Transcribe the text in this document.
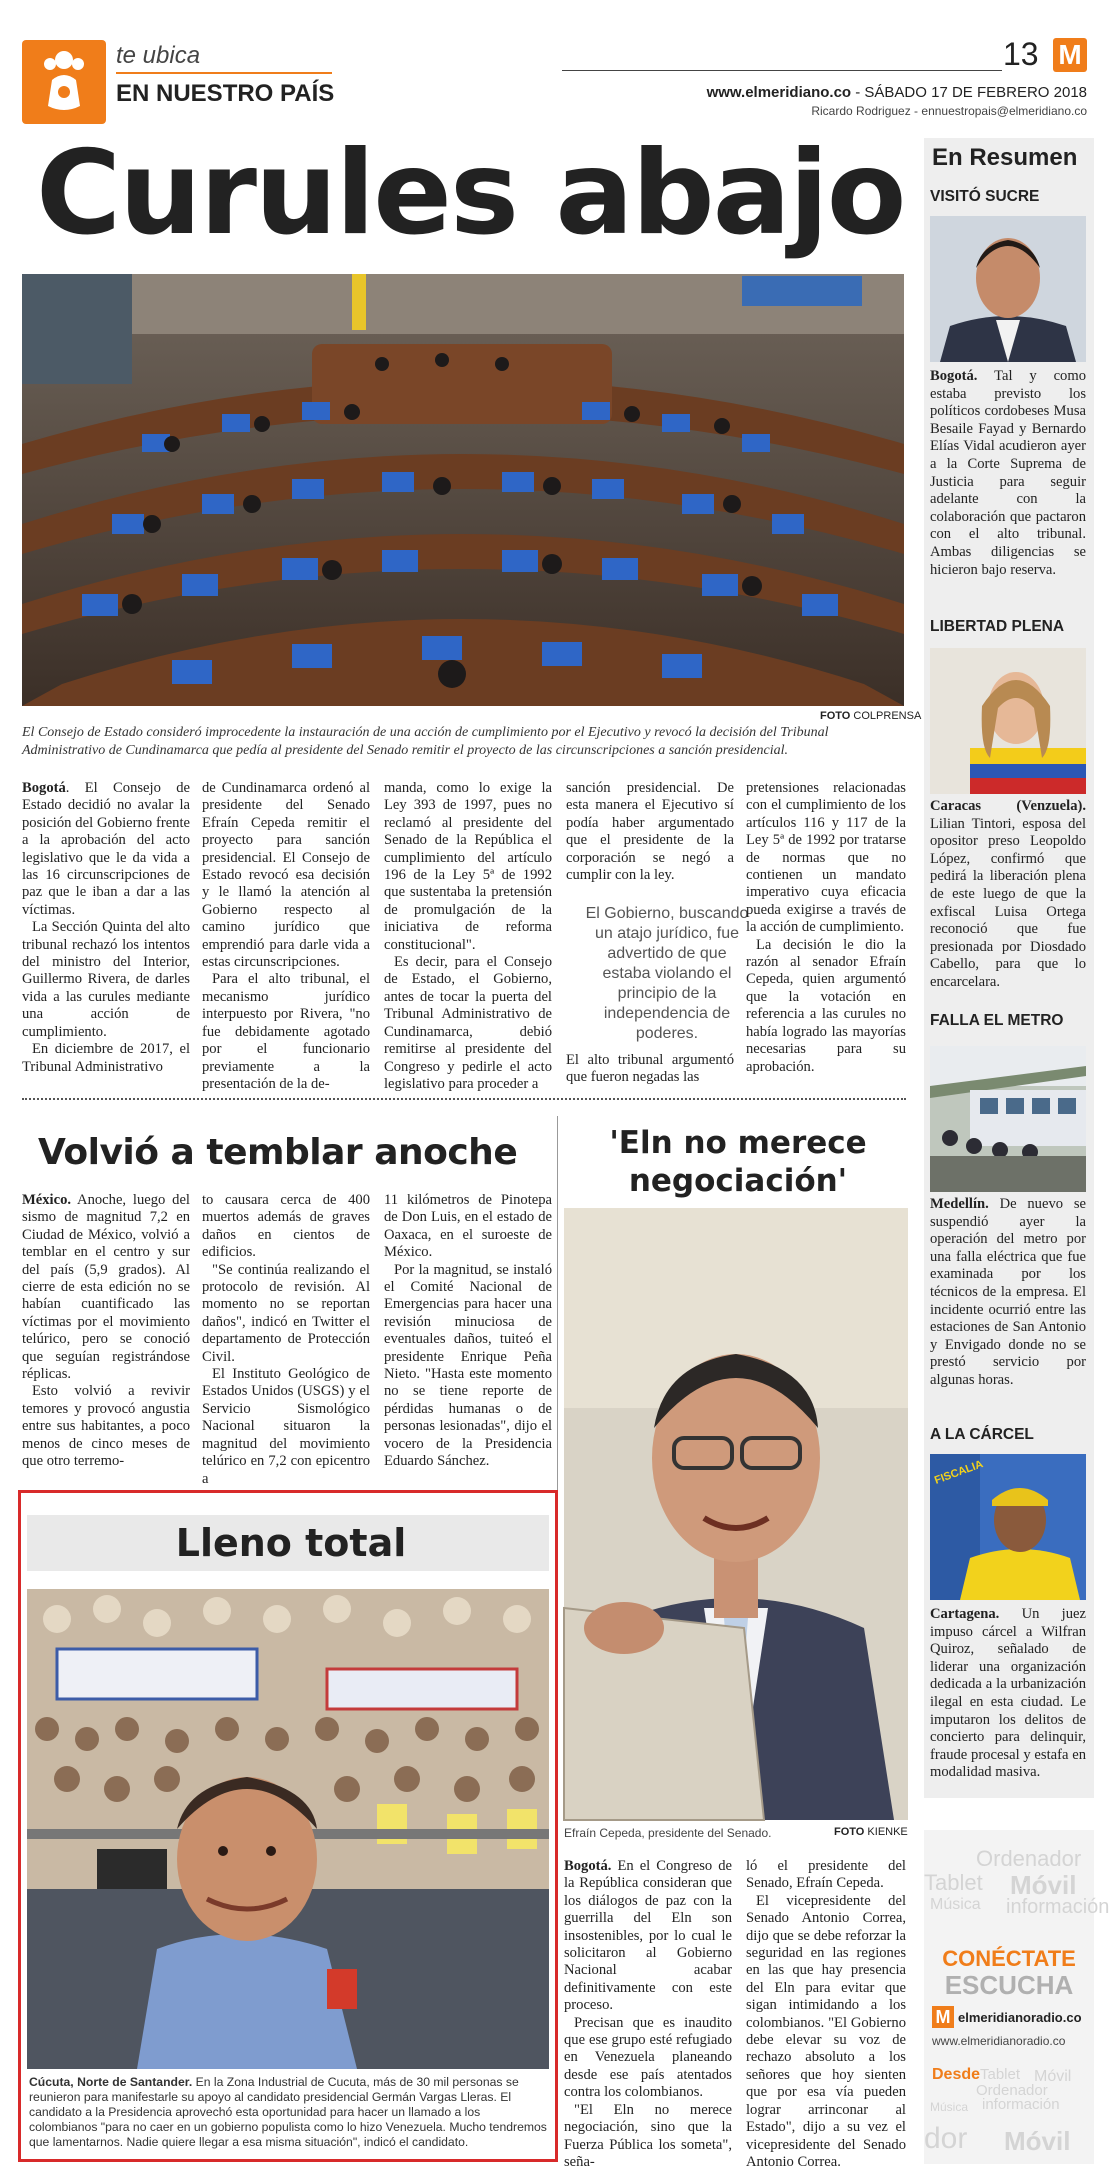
te ubica
EN NUESTRO PAÍS
13 M
www.elmeridiano.co - SÁBADO 17 DE FEBRERO 2018
Ricardo Rodriguez - ennuestropais@elmeridiano.co
Curules abajo
FOTO COLPRENSA

El Consejo de Estado consideró improcedente la instauración de una acción de cumplimiento por el Ejecutivo y revocó la decisión del Tribunal Administrativo de Cundinamarca que pedía al presidente del Senado remitir el proyecto de las circunscripciones a sanción presidencial.

Bogotá. El Consejo de Estado decidió no avalar la posición del Gobierno frente a la aprobación del acto legislativo que le da vida a las 16 circunscripciones de paz que le iban a dar a las víctimas.

La Sección Quinta del alto tribunal rechazó los intentos del ministro del Interior, Guillermo Rivera, de darles vida a las curules mediante una acción de cumplimiento.

En diciembre de 2017, el Tribunal Administrativo

de Cundinamarca ordenó al presidente del Senado Efraín Cepeda remitir el proyecto para sanción presidencial. El Consejo de Estado revocó esa decisión y le llamó la atención al Gobierno respecto al camino jurídico que emprendió para darle vida a estas circunscripciones.

Para el alto tribunal, el mecanismo jurídico interpuesto por Rivera, "no fue debidamente agotado por el funcionario previamente a la presentación de la de-

manda, como lo exige la Ley 393 de 1997, pues no reclamó al presidente del Senado de la República el cumplimiento del artículo 196 de la Ley 5ª de 1992 que sustentaba la pretensión de promulgación de la iniciativa de reforma constitucional".

Es decir, para el Consejo de Estado, el Gobierno, antes de tocar la puerta del Tribunal Administrativo de Cundinamarca, debió remitirse al presidente del Congreso y pedirle el acto legislativo para proceder a

sanción presidencial. De esta manera el Ejecutivo sí podía haber argumentado que el presidente de la corporación se negó a cumplir con la ley.

El Gobierno, buscando un atajo jurídico, fue advertido de que estaba violando el principio de la independencia de poderes.

El alto tribunal argumentó que fueron negadas las

pretensiones relacionadas con el cumplimiento de los artículos 116 y 117 de la Ley 5ª de 1992 por tratarse de normas que no contienen un mandato imperativo cuya eficacia pueda exigirse a través de la acción de cumplimiento.

La decisión le dio la razón al senador Efraín Cepeda, quien argumentó que la votación en referencia a las curules no había logrado las mayorías necesarias para su aprobación.

Volvió a temblar anoche

México. Anoche, luego del sismo de magnitud 7,2 en Ciudad de México, volvió a temblar en el centro y sur del país (5,9 grados). Al cierre de esta edición no se habían cuantificado las víctimas por el movimiento telúrico, pero se conoció que seguían registrándose réplicas.

Esto volvió a revivir temores y provocó angustia entre sus habitantes, a poco menos de cinco meses de que otro terremo-

to causara cerca de 400 muertos además de graves daños en cientos de edificios.

"Se continúa realizando el protocolo de revisión. Al momento no se reportan daños", indicó en Twitter el departamento de Protección Civil.

El Instituto Geológico de Estados Unidos (USGS) y el Servicio Sismológico Nacional situaron la magnitud del movimiento telúrico en 7,2 con epicentro a

11 kilómetros de Pinotepa de Don Luis, en el estado de Oaxaca, en el suroeste de México.

Por la magnitud, se instaló el Comité Nacional de Emergencias para hacer una revisión minuciosa de eventuales daños, tuiteó el presidente Enrique Peña Nieto. "Hasta este momento no se tiene reporte de pérdidas humanas o de personas lesionadas", dijo el vocero de la Presidencia Eduardo Sánchez.

Lleno total

Cúcuta, Norte de Santander. En la Zona Industrial de Cucuta, más de 30 mil personas se reunieron para manifestarle su apoyo al candidato presidencial Germán Vargas Lleras. El candidato a la Presidencia aprovechó esta oportunidad para hacer un llamado a los colombianos "para no caer en un gobierno populista como lo hizo Venezuela. Mucho tendremos que lamentarnos. Nadie quiere llegar a esa misma situación", indicó el candidato.

'Eln no merece negociación'
Efraín Cepeda, presidente del Senado.	FOTO KIENKE

Bogotá. En el Congreso de la República consideran que los diálogos de paz con la guerrilla del Eln son insostenibles, por lo cual le solicitaron al Gobierno Nacional acabar definitivamente con este proceso.

Precisan que es inaudito que ese grupo esté refugiado en Venezuela planeando desde ese país atentados contra los colombianos.

"El Eln no merece negociación, sino que la Fuerza Pública los someta", seña-

ló el presidente del Senado, Efraín Cepeda.

El vicepresidente del Senado Antonio Correa, dijo que se debe reforzar la seguridad en las regiones en las que hay presencia del Eln para evitar que sigan intimidando a los colombianos. "El Gobierno debe elevar su voz de rechazo absoluto a los señores que hoy sienten que por esa vía pueden lograr arrinconar al Estado", dijo a su vez el vicepresidente del Senado Antonio Correa.

En Resumen
VISITÓ SUCRE
Bogotá. Tal y como estaba previsto los políticos cordobeses Musa Besaile Fayad y Bernardo Elías Vidal acudieron ayer a la Corte Suprema de Justicia para seguir adelante con la colaboración que pactaron con el alto tribunal. Ambas diligencias se hicieron bajo reserva.
LIBERTAD PLENA
Caracas (Venzuela). Lilian Tintori, esposa del opositor preso Leopoldo López, confirmó que pedirá la liberación plena de este luego de que la exfiscal Luisa Ortega reconoció que fue presionada por Diosdado Cabello, para que lo encarcelara.
FALLA EL METRO
Medellín. De nuevo se suspendió ayer la operación del metro por una falla eléctrica que fue examinada por los técnicos de la empresa. El incidente ocurrió entre las estaciones de San Antonio y Envigado donde no se prestó servicio por algunas horas.
A LA CÁRCEL
FISCALIA
Cartagena. Un juez impuso cárcel a Wilfran Quiroz, señalado de liderar una organización dedicada a la urbanización ilegal en esta ciudad. Le imputaron los delitos de concierto para delinquir, fraude procesal y estafa en modalidad masiva.
Ordenador
Tablet Móvil
Música información
CONÉCTATE
ESCUCHA
M elmeridianoradio.co
www.elmeridianoradio.co
Desde Tablet
Ordenador
Móvil
Música información
dor Móvil
